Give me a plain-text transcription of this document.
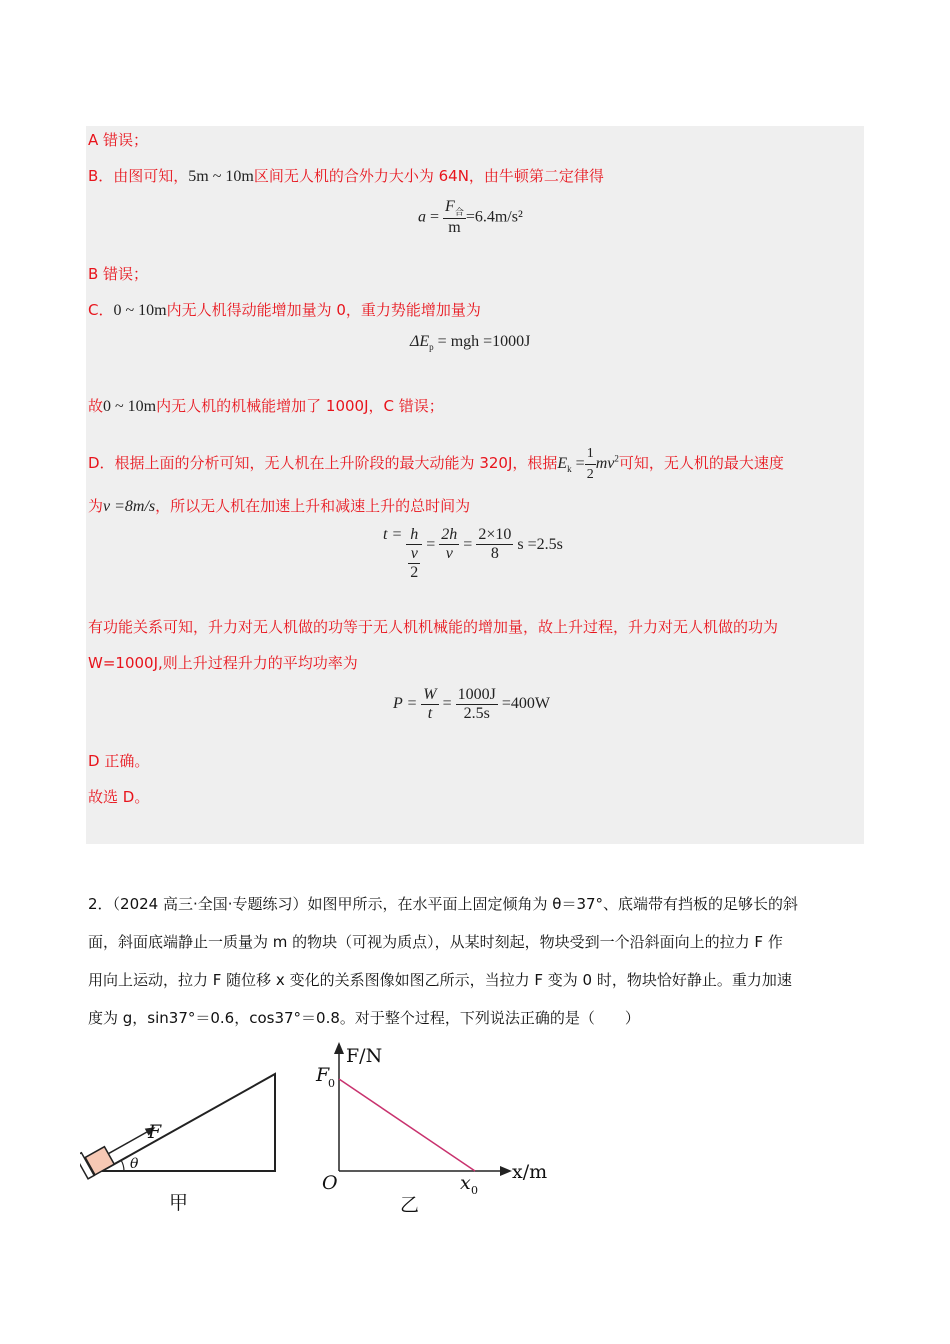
A 错误；
B．由图可知，5m ~ 10m区间无人机的合外力大小为 64N，由牛顿第二定律得
$a = \frac{F_合}{m} =6.4m/s^2$
B 错误；
C．0 ~ 10m内无人机得动能增加量为 0，重力势能增加量为
$\Delta E_p$ = mgh =1000J
故0 ~ 10m内无人机的机械能增加了 1000J，C 错误；
D．根据上面的分析可知，无人机在上升阶段的最大动能为 320J，根据$E_k = \frac{1}{2} mv^2$可知，无人机的最大速度
为v =8m/s，所以无人机在加速上升和减速上升的总时间为
t = h
v
$2 = \frac{2h}{v} = \frac{2\times 10}{8}$ s =2.5s
有功能关系可知，升力对无人机做的功等于无人机机械能的增加量，故上升过程，升力对无人机做的功为
W=1000J,则上升过程升力的平均功率为
$P = \frac{W}{t} = \frac{1000J}{2.5s} =400W$
D 正确。
故选 D。
2．（2024 高三·全国·专题练习）如图甲所示，在水平面上固定倾角为 θ＝37°、底端带有挡板的足够长的斜
面，斜面底端静止一质量为 m 的物块（可视为质点），从某时刻起，物块受到一个沿斜面向上的拉力 F 作
用向上运动，拉力 F 随位移 x 变化的关系图像如图乙所示，当拉力 F 变为 0 时，物块恰好静止。重力加速
度为 g，sin37°＝0.6，cos37°＝0.8。对于整个过程，下列说法正确的是（　　）
F
θ
甲
F/N
x/m
O
F
0
x 0
乙
